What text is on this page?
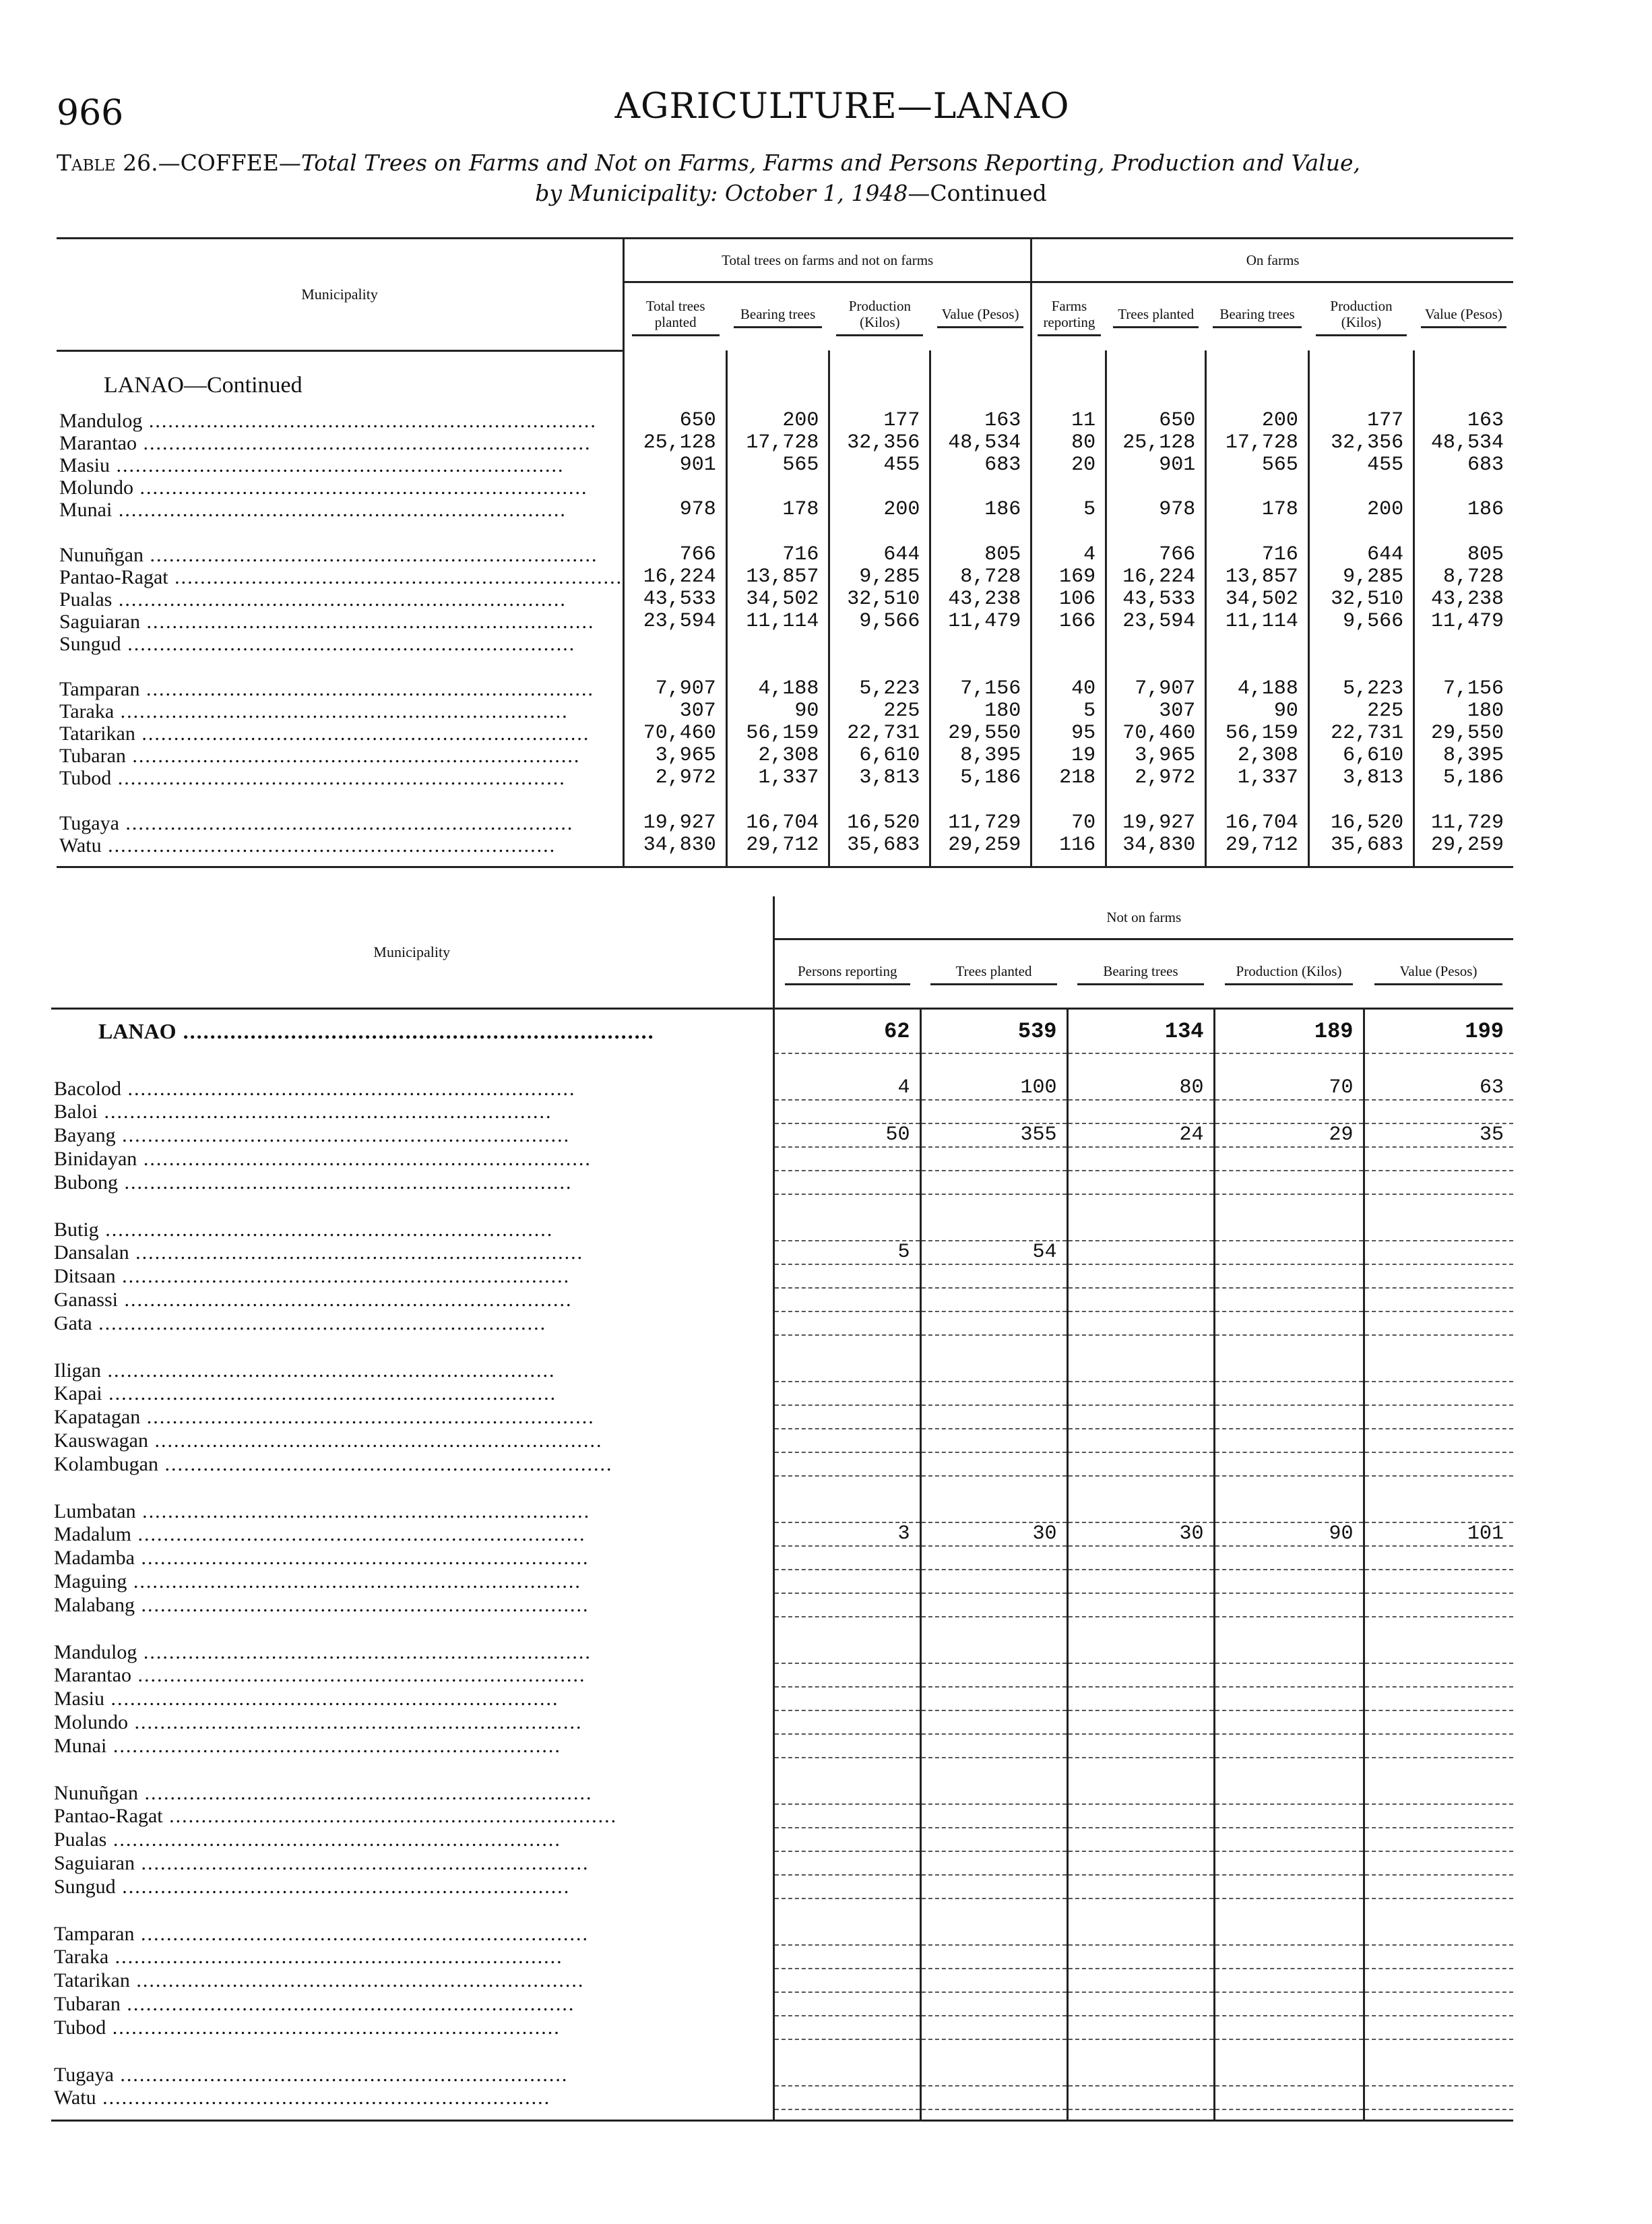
966	AGRICULTURE—LANAO
Table 26.—COFFEE—Total Trees on Farms and Not on Farms, Farms and Persons Reporting, Production and Value,
by Municipality: October 1, 1948—Continued
Municipality	Total trees on farms and not on farms				On farms				
	Total trees planted	Bearing trees	Production (Kilos)	Value (Pesos)	Farms reporting	Trees planted	Bearing trees	Production (Kilos)	Value (Pesos)
LANAO—Continued									
Mandulog .....	650	200	177	163	11	650	200	177	163
Marantao .....	25,128	17,728	32,356	48,534	80	25,128	17,728	32,356	48,534
Masiu .....	901	565	455	683	20	901	565	455	683
Molundo .....									
Munai .....	978	178	200	186	5	978	178	200	186

Nunuñgan .....	766	716	644	805	4	766	716	644	805
Pantao-Ragat .....	16,224	13,857	9,285	8,728	169	16,224	13,857	9,285	8,728
Pualas .....	43,533	34,502	32,510	43,238	106	43,533	34,502	32,510	43,238
Saguiaran .....	23,594	11,114	9,566	11,479	166	23,594	11,114	9,566	11,479
Sungud .....									

Tamparan .....	7,907	4,188	5,223	7,156	40	7,907	4,188	5,223	7,156
Taraka .....	307	90	225	180	5	307	90	225	180
Tatarikan .....	70,460	56,159	22,731	29,550	95	70,460	56,159	22,731	29,550
Tubaran .....	3,965	2,308	6,610	8,395	19	3,965	2,308	6,610	8,395
Tubod .....	2,972	1,337	3,813	5,186	218	2,972	1,337	3,813	5,186

Tugaya .....	19,927	16,704	16,520	11,729	70	19,927	16,704	16,520	11,729
Watu .....	34,830	29,712	35,683	29,259	116	34,830	29,712	35,683	29,259

Municipality	Not on farms				
	Persons reporting	Trees planted	Bearing trees	Production (Kilos)	Value (Pesos)
LANAO .....	62	539	134	189	199

Bacolod .....	4	100	80	70	63
Baloi .....					
Bayang .....	50	355	24	29	35
Binidayan .....					
Bubong .....					

Butig .....					
Dansalan .....	5	54			
Ditsaan .....					
Ganassi .....					
Gata .....					

Iligan .....					
Kapai .....					
Kapatagan .....					
Kauswagan .....					
Kolambugan .....					

Lumbatan .....					
Madalum .....	3	30	30	90	101
Madamba .....					
Maguing .....					
Malabang .....					

Mandulog .....					
Marantao .....					
Masiu .....					
Molundo .....					
Munai .....					

Nunuñgan .....					
Pantao-Ragat .....					
Pualas .....					
Saguiaran .....					
Sungud .....					

Tamparan .....					
Taraka .....					
Tatarikan .....					
Tubaran .....					
Tubod .....					

Tugaya .....					
Watu .....					
